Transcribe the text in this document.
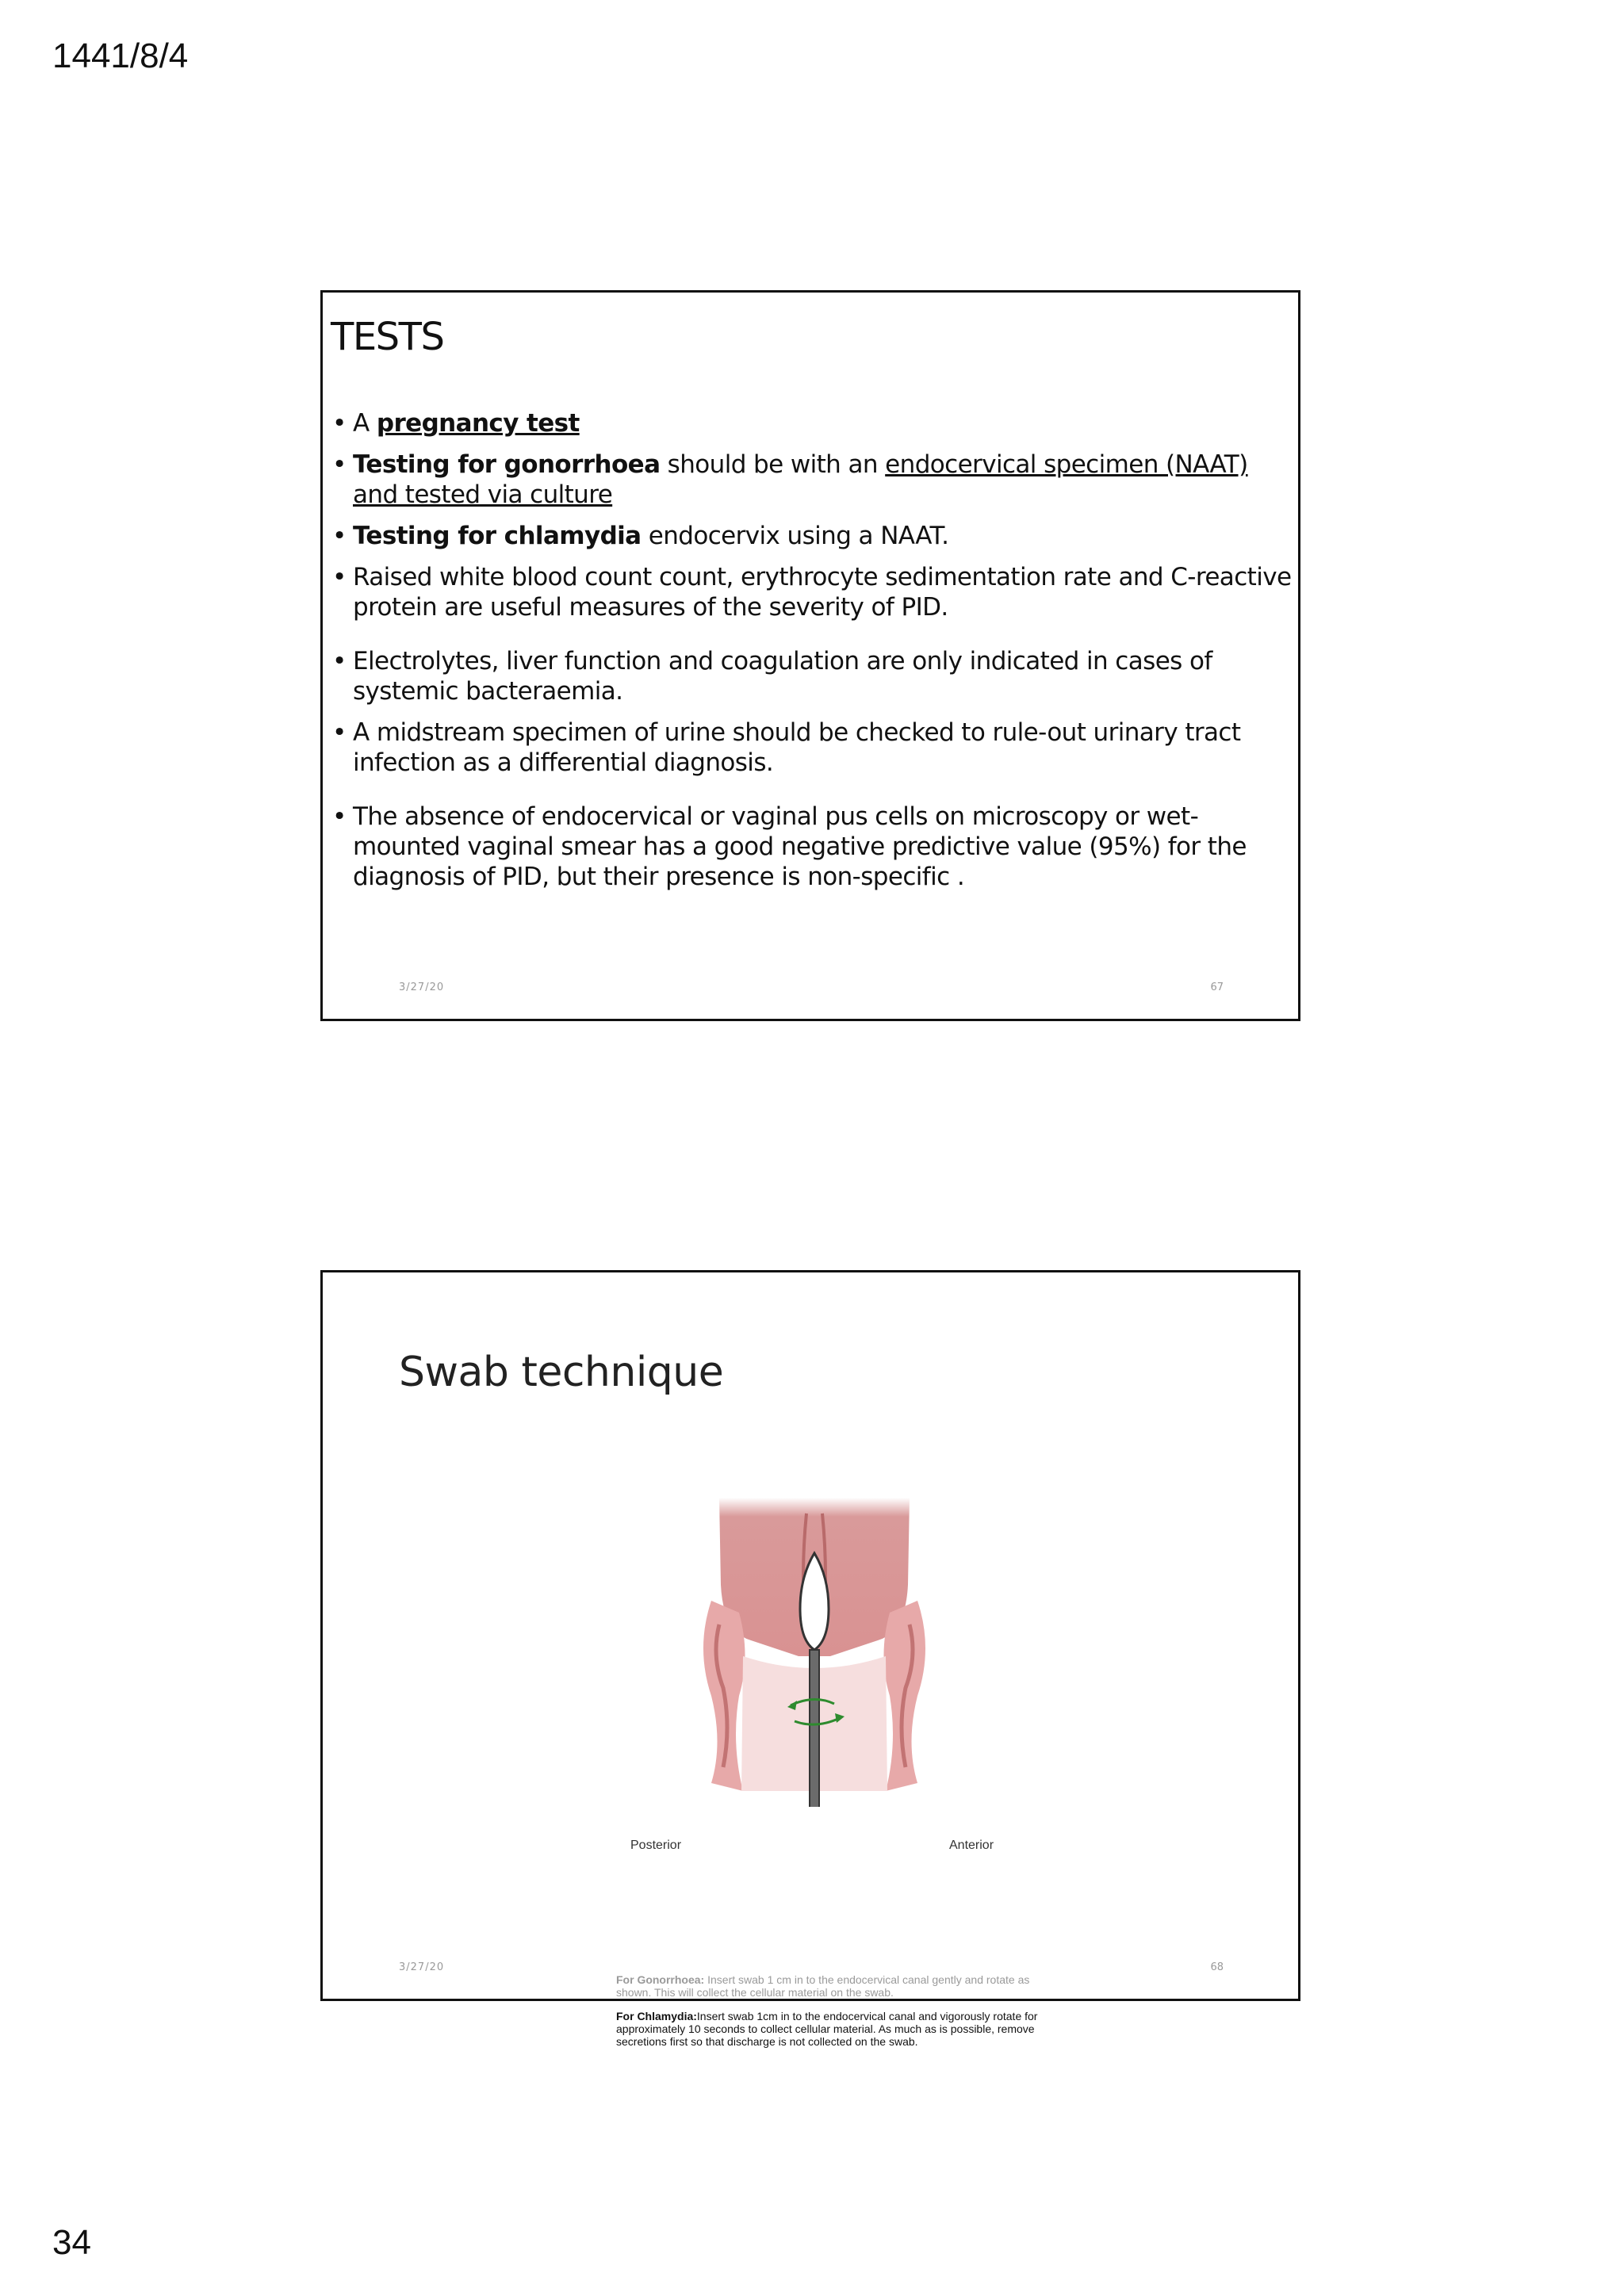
1441/8/4
TESTS
• A pregnancy test
• Testing for gonorrhoea should be with an endocervical specimen (NAAT) and tested via culture
• Testing for chlamydia endocervix using a NAAT.
• Raised white blood count count, erythrocyte sedimentation rate and C-reactive protein are useful measures of the severity of PID.
• Electrolytes, liver function and coagulation are only indicated in cases of systemic bacteraemia.
• A midstream specimen of urine should be checked to rule-out urinary tract infection as a differential diagnosis.
• The absence of endocervical or vaginal pus cells on microscopy or wet-mounted vaginal smear has a good negative predictive value (95%) for the diagnosis of PID, but their presence is non-specific .
3/27/20	67
Swab technique
Posterior	Anterior
For Gonorrhoea: Insert swab 1 cm in to the endocervical canal gently and rotate as shown. This will collect the cellular material on the swab.
For Chlamydia:Insert swab 1cm in to the endocervical canal and vigorously rotate for approximately 10 seconds to collect cellular material. As much as is possible, remove secretions first so that discharge is not collected on the swab.
3/27/20	68
34
